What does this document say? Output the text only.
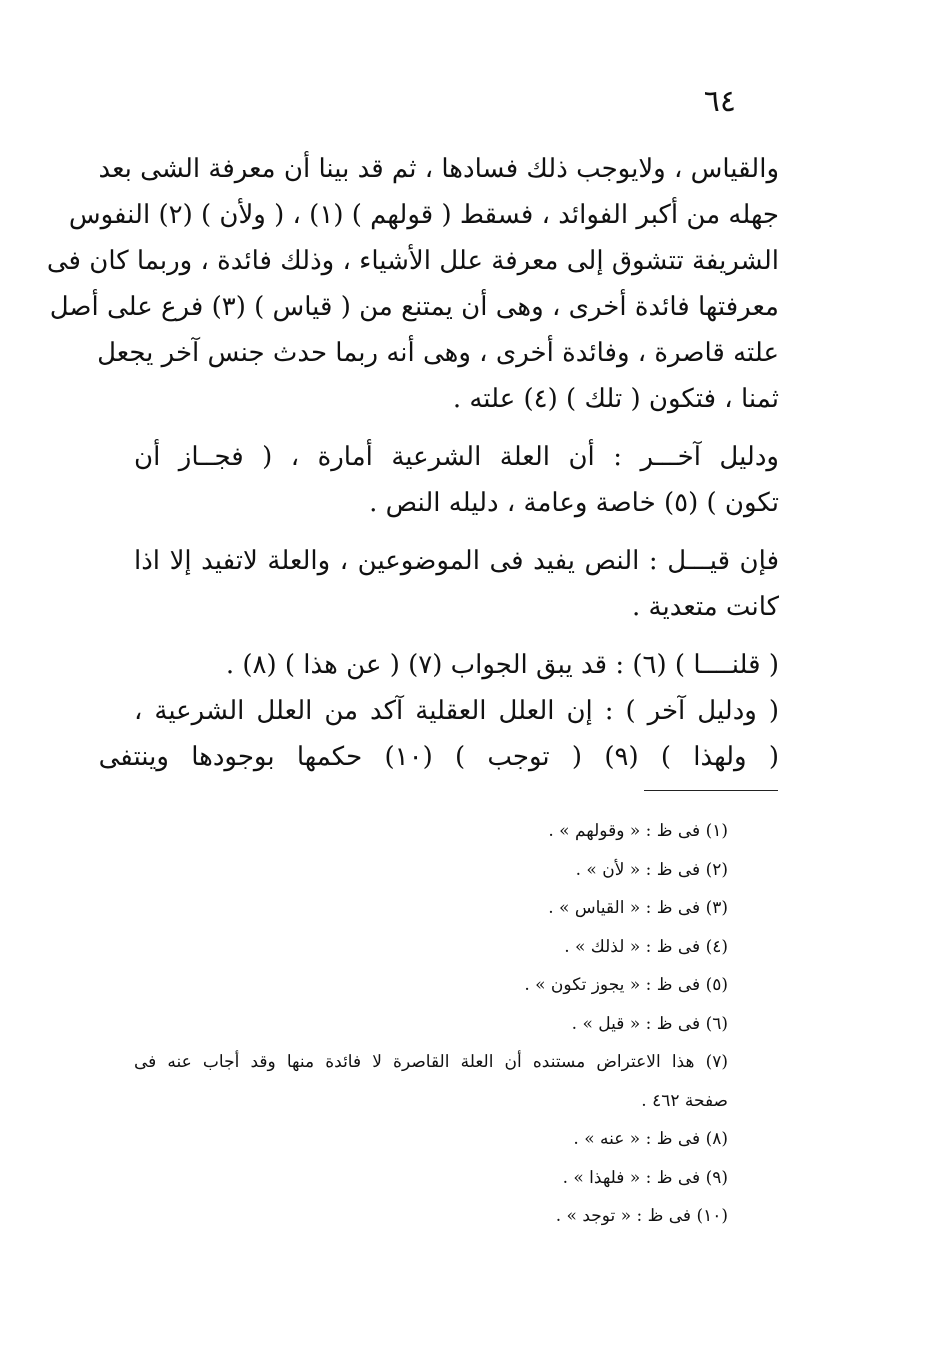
٦٤
والقياس ، ولايوجب ذلك فسادها ، ثم قد بينا أن معرفة الشى بعد
جهله من أكبر الفوائد ، فسقط ( قولهم ) (١) ، ( ولأن ) (٢) النفوس
الشريفة تتشوق إلى معرفة علل الأشياء ، وذلك فائدة ، وربما كان فى
معرفتها فائدة أخرى ، وهى أن يمتنع من ( قياس ) (٣) فرع على أصل
علته قاصرة ، وفائدة أخرى ، وهى أنه ربما حدث جنس آخر يجعل
ثمنا ، فتكون ( تلك ) (٤) علته .
ودليل آخـــر : أن العلة الشرعية أمارة ، ( فجــاز أن
تكون ) (٥) خاصة وعامة ، دليله النص .
فإن قيـــل : النص يفيد فى الموضوعين ، والعلة لاتفيد إلا اذا
كانت متعدية .
( قلنــــا ) (٦) : قد يبق الجواب (٧) ( عن هذا ) (٨) .
( ودليل آخر ) : إن العلل العقلية آكد من العلل الشرعية ،
( ولهذا ) (٩) ( توجب ) (١٠) حكمها بوجودها وينتفى
(١) فى ظ : « وقولهم » .
(٢) فى ظ : « لأن » .
(٣) فى ظ : « القياس » .
(٤) فى ظ : « لذلك » .
(٥) فى ظ : « يجوز تكون » .
(٦) فى ظ : « قيل » .
(٧) هذا الاعتراض مستنده أن العلة القاصرة لا فائدة منها وقد أجاب عنه فى
صفحة ٤٦٢ .
(٨) فى ظ : « عنه » .
(٩) فى ظ : « فلهذا » .
(١٠) فى ظ : « توجد » .
